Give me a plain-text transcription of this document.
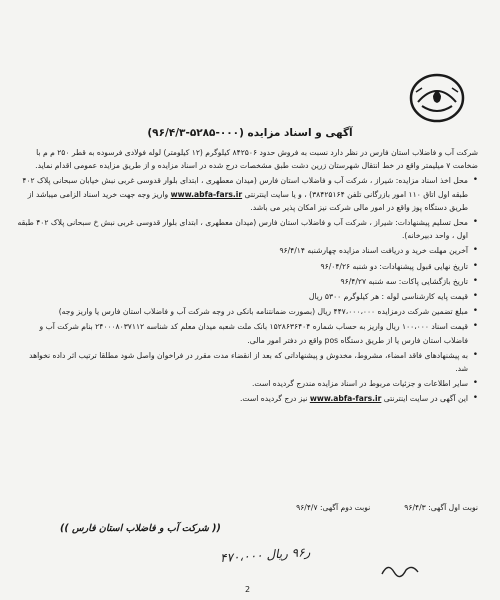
آگهی و اسناد مزایده (۰۰۰-۵۲۸۵-۹۶/۴/۳)

شرکت آب و فاضلاب استان فارس در نظر دارد نسبت به فروش حدود ۸۴۲۵۰۶ کیلوگرم (۱۲ کیلومتر) لوله فولادی فرسوده به قطر ۲۵۰ م م با ضخامت ۷ میلیمتر واقع در خط انتقال شهرستان زرین دشت طبق مشخصات درج شده در اسناد مزایده و از طریق مزایده عمومی اقدام نماید.

• محل اخذ اسناد مزایده: شیراز ، شرکت آب و فاضلاب استان فارس (میدان معطهری ، ابتدای بلوار قدوسی غربی نبش خیابان سبحانی پلاک ۴۰۲ طبقه اول اتاق ۱۱۰ امور بازرگانی تلفن ۳۸۴۲۵۱۶۴) ، و یا سایت اینترنتی www.abfa-fars.ir واریز وجه جهت خرید اسناد الزامی میباشد از طریق دستگاه پوز واقع در امور مالی شرکت نیز امکان پذیر می باشد.
• محل تسلیم پیشنهادات: شیراز ، شرکت آب و فاضلاب استان فارس (میدان معطهری ، ابتدای بلوار قدوسی غربی نبش خ سبحانی پلاک ۴۰۲ طبقه اول ، واحد دبیرخانه).
• آخرین مهلت خرید و دریافت اسناد مزایده چهارشنبه ۹۶/۴/۱۴
• تاریخ نهایی قبول پیشنهادات: دو شنبه ۹۶/۰۴/۲۶
• تاریخ بازگشایی پاکات: سه شنبه ۹۶/۴/۲۷
• قیمت پایه کارشناسی لوله : هر کیلوگرم ۵۳۰۰ ریال
• مبلغ تضمین شرکت درمزایده ۴۴۷،۰۰۰،۰۰۰ ریال (بصورت ضمانتنامه بانکی در وجه شرکت آب و فاضلاب استان فارس یا واریز وجه)
• قیمت اسناد ۱۰۰،۰۰۰ ریال واریز به حساب شماره ۱۵۲۸۶۳۶۴۰۴ بانک ملت شعبه میدان معلم کد شناسه ۲۴۰۰۰۸۰۳۷۱۱۲ بنام شرکت آب و فاضلاب استان فارس یا از طریق دستگاه pos واقع در دفتر امور مالی.
• به پیشنهادهای فاقد امضاء، مشروط، مخدوش و پیشنهاداتی که بعد از انقضاء مدت مقرر در فراخوان واصل شود مطلقا ترتیب اثر داده نخواهد شد.
• سایر اطلاعات و جزئیات مربوط در اسناد مزایده مندرج گردیده است.
• این آگهی در سایت اینترنتی www.abfa-fars.ir نیز درج گردیده است.
نوبت اول آگهی: ۹۶/۴/۳
نوبت دوم آگهی: ۹۶/۴/۷
(( شرکت آب و فاضلاب استان فارس ))
۴۷۰،۰۰۰ ر۹۶ ریال
2
